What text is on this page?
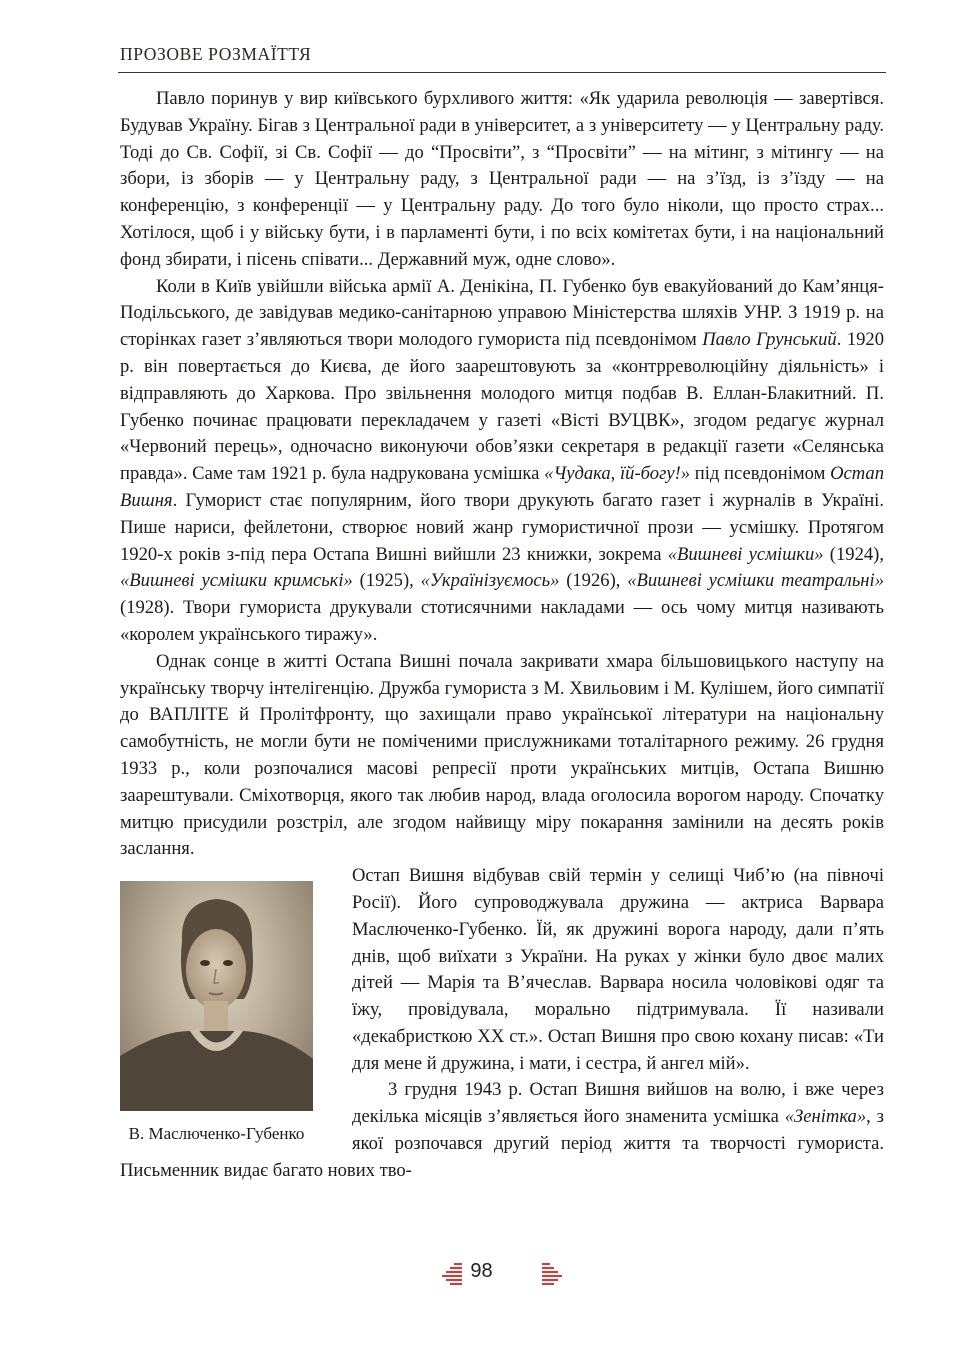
ПРОЗОВЕ РОЗМАЇТТЯ

Павло поринув у вир київського бурхливого життя: «Як ударила революція — завертівся. Будував Україну. Бігав з Центральної ради в університет, а з університету — у Центральну раду. Тоді до Св. Софії, зі Св. Софії — до “Просвіти”, з “Просвіти” — на мітинг, з мітингу — на збори, із зборів — у Центральну раду, з Центральної ради — на з’їзд, із з’їзду — на конференцію, з конференції — у Центральну раду. До того було ніколи, що просто страх... Хотілося, щоб і у війську бути, і в парламенті бути, і по всіх комітетах бути, і на національний фонд збирати, і пісень співати... Державний муж, одне слово».

Коли в Київ увійшли війська армії А. Денікіна, П. Губенко був евакуйований до Кам’янця-Подільського, де завідував медико-санітарною управою Міністерства шляхів УНР. З 1919 р. на сторінках газет з’являються твори молодого гумориста під псевдонімом Павло Грунський. 1920 р. він повертається до Києва, де його заарештовують за «контрреволюційну діяльність» і відправляють до Харкова. Про звільнення молодого митця подбав В. Еллан-Блакитний. П. Губенко починає працювати перекладачем у газеті «Вісті ВУЦВК», згодом редагує журнал «Червоний перець», одночасно виконуючи обов’язки секретаря в редакції газети «Селянська правда». Саме там 1921 р. була надрукована усмішка «Чудака, їй-богу!» під псевдонімом Остап Вишня. Гуморист стає популярним, його твори друкують багато газет і журналів в Україні. Пише нариси, фейлетони, створює новий жанр гумористичної прози — усмішку. Протягом 1920-х років з-під пера Остапа Вишні вийшли 23 книжки, зокрема «Вишневі усмішки» (1924), «Вишневі усмішки кримські» (1925), «Українізуємось» (1926), «Вишневі усмішки театральні» (1928). Твори гумориста друкували стотисячними накладами — ось чому митця називають «королем українського тиражу».

Однак сонце в житті Остапа Вишні почала закривати хмара більшовицького наступу на українську творчу інтелігенцію. Дружба гумориста з М. Хвильовим і М. Кулішем, його симпатії до ВАПЛІТЕ й Пролітфронту, що захищали право української літератури на національну самобутність, не могли бути не поміченими прислужниками тоталітарного режиму. 26 грудня 1933 р., коли розпочалися масові репресії проти українських митців, Остапа Вишню заарештували. Сміхотворця, якого так любив народ, влада оголосила ворогом народу. Спочатку митцю присудили розстріл, але згодом найвищу міру покарання замінили на десять років заслання.

В. Маслюченко-Губенко

Остап Вишня відбував свій термін у селищі Чиб’ю (на півночі Росії). Його супроводжувала дружина — актриса Варвара Маслюченко-Губенко. Їй, як дружині ворога народу, дали п’ять днів, щоб виїхати з України. На руках у жінки було двоє малих дітей — Марія та В’ячеслав. Варвара носила чоловікові одяг та їжу, провідувала, морально підтримувала. Її називали «декабристкою XX ст.». Остап Вишня про свою кохану писав: «Ти для мене й дружина, і мати, і сестра, й ангел мій».

3 грудня 1943 р. Остап Вишня вийшов на волю, і вже через декілька місяців з’являється його знаменита усмішка «Зенітка», з якої розпочався другий період життя та творчості гумориста. Письменник видає багато нових тво-

98
